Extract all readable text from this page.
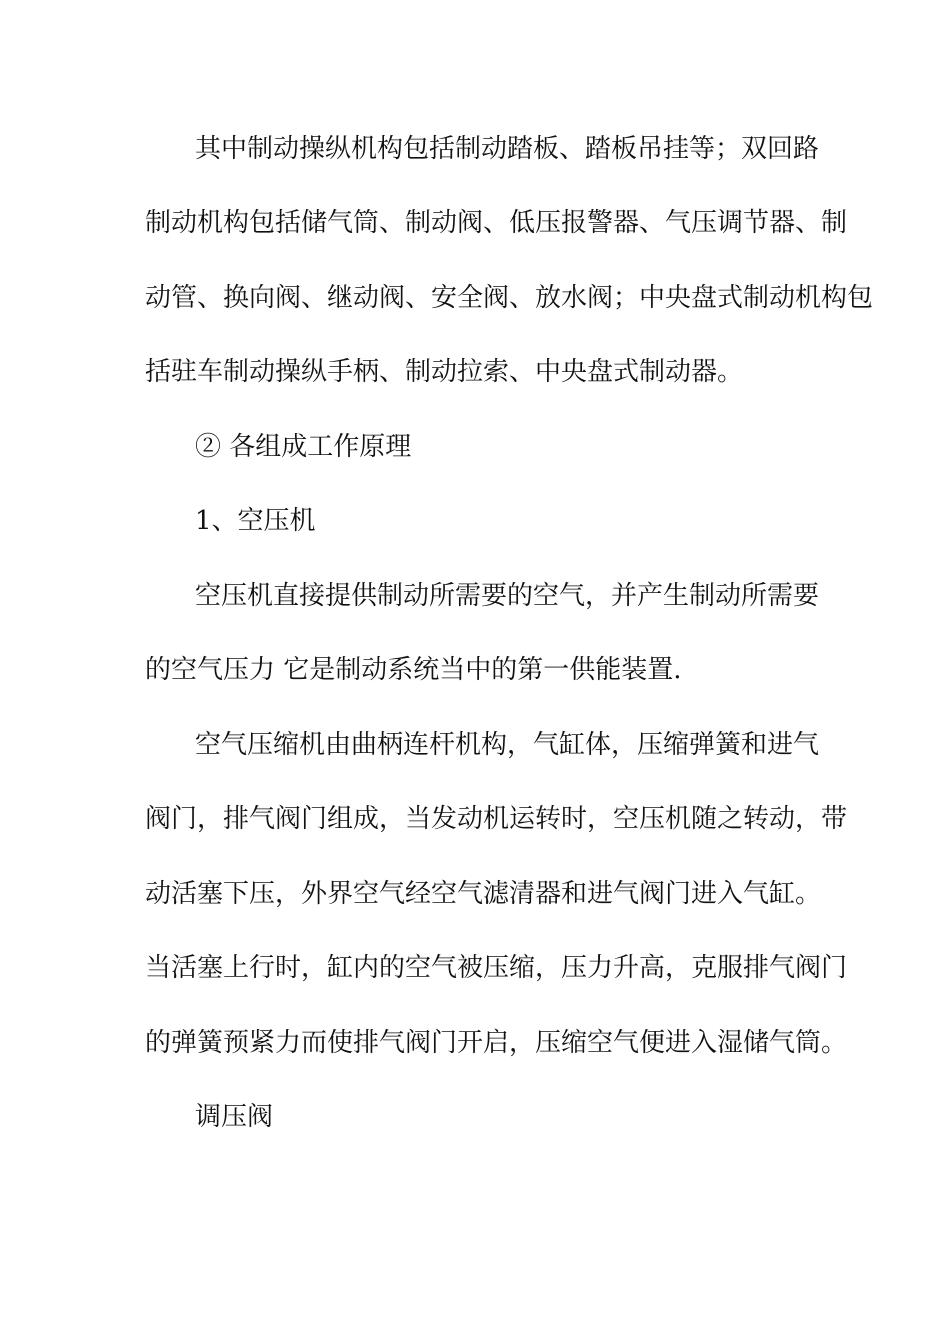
其中制动操纵机构包括制动踏板、踏板吊挂等；双回路
制动机构包括储气筒、制动阀、低压报警器、气压调节器、制
动管、换向阀、继动阀、安全阀、放水阀；中央盘式制动机构包
括驻车制动操纵手柄、制动拉索、中央盘式制动器。
② 各组成工作原理
1、空压机
空压机直接提供制动所需要的空气，并产生制动所需要
的空气压力 它是制动系统当中的第一供能装置.
空气压缩机由曲柄连杆机构，气缸体，压缩弹簧和进气
阀门，排气阀门组成，当发动机运转时，空压机随之转动，带
动活塞下压，外界空气经空气滤清器和进气阀门进入气缸。
当活塞上行时，缸内的空气被压缩，压力升高，克服排气阀门
的弹簧预紧力而使排气阀门开启，压缩空气便进入湿储气筒。
调压阀
